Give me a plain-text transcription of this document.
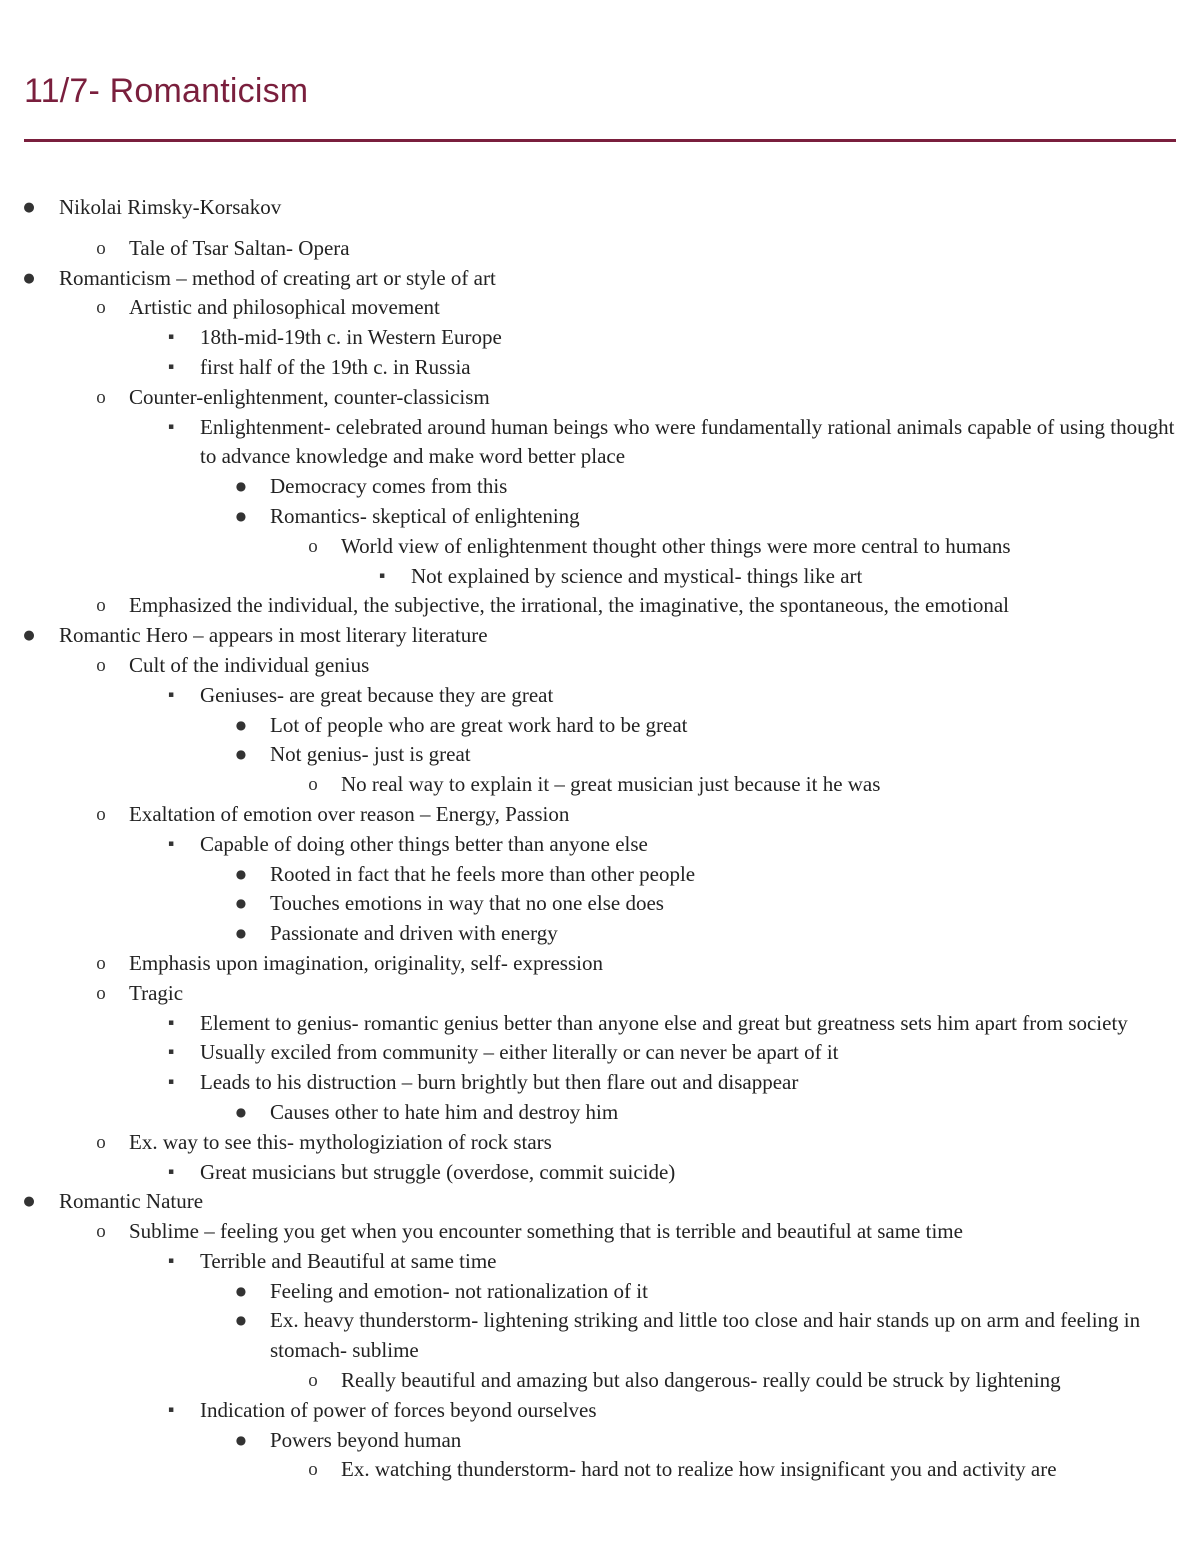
11/7- Romanticism
● Nikolai Rimsky-Korsakov
o Tale of Tsar Saltan- Opera
● Romanticism – method of creating art or style of art
o Artistic and philosophical movement
▪	18th-mid-19th c. in Western Europe
▪	first half of the 19th c. in Russia
o Counter-enlightenment, counter-classicism
▪	Enlightenment- celebrated around human beings who were fundamentally rational animals capable of using thought to advance knowledge and make word better place
● Democracy comes from this
● Romantics- skeptical of enlightening
o World view of enlightenment thought other things were more central to humans
▪	Not explained by science and mystical- things like art
o Emphasized the individual, the subjective, the irrational, the imaginative, the spontaneous, the emotional
● Romantic Hero – appears in most literary literature
o Cult of the individual genius
▪	Geniuses- are great because they are great
● Lot of people who are great work hard to be great
● Not genius- just is great
o No real way to explain it – great musician just because it he was
o Exaltation of emotion over reason – Energy, Passion
▪	Capable of doing other things better than anyone else
● Rooted in fact that he feels more than other people
● Touches emotions in way that no one else does
● Passionate and driven with energy
o Emphasis upon imagination, originality, self- expression
o Tragic
▪	Element to genius- romantic genius better than anyone else and great but greatness sets him apart from society
▪	Usually exciled from community – either literally or can never be apart of it
▪	Leads to his distruction – burn brightly but then flare out and disappear
● Causes other to hate him and destroy him
o Ex. way to see this- mythologiziation of rock stars
▪	Great musicians but struggle (overdose, commit suicide)
● Romantic Nature
o Sublime – feeling you get when you encounter something that is terrible and beautiful at same time
▪	Terrible and Beautiful at same time
● Feeling and emotion- not rationalization of it
● Ex. heavy thunderstorm- lightening striking and little too close and hair stands up on arm and feeling in stomach- sublime
o Really beautiful and amazing but also dangerous- really could be struck by lightening
▪	Indication of power of forces beyond ourselves
● Powers beyond human
o Ex. watching thunderstorm- hard not to realize how insignificant you and activity are
